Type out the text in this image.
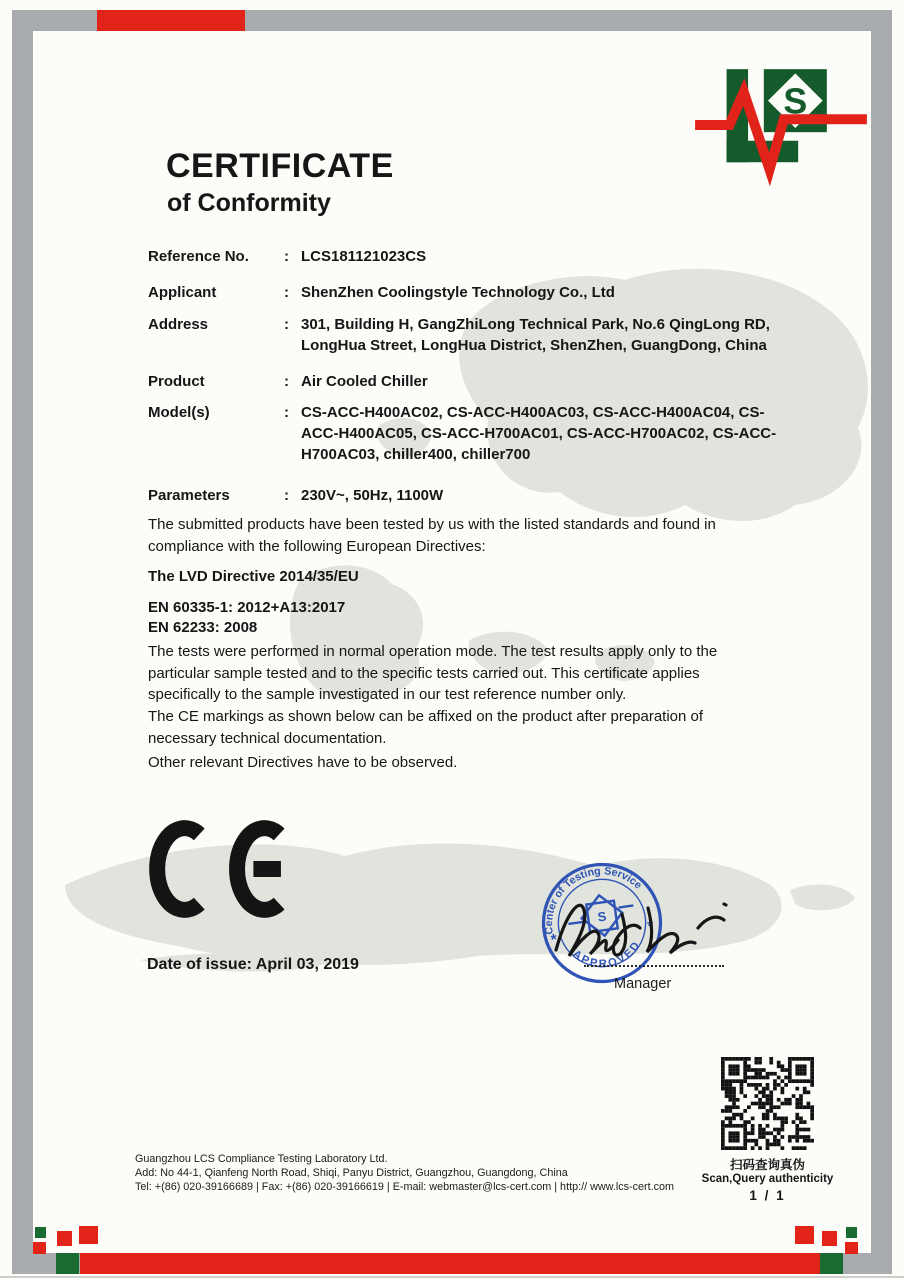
S
CERTIFICATE
of Conformity
Reference No.	: LCS181121023CS
Applicant	: ShenZhen Coolingstyle Technology Co., Ltd
Address	: 301, Building H, GangZhiLong Technical Park, No.6 QingLong RD, LongHua Street, LongHua District, ShenZhen, GuangDong, China
Product	: Air Cooled Chiller
Model(s)	: CS-ACC-H400AC02, CS-ACC-H400AC03, CS-ACC-H400AC04, CS-ACC-H400AC05, CS-ACC-H700AC01, CS-ACC-H700AC02, CS-ACC-H700AC03, chiller400, chiller700
Parameters	: 230V~, 50Hz, 1100W
The submitted products have been tested by us with the listed standards and found in compliance with the following European Directives:
The LVD Directive 2014/35/EU
EN 60335-1: 2012+A13:2017
EN 62233: 2008
The tests were performed in normal operation mode. The test results apply only to the particular sample tested and to the specific tests carried out. This certificate applies specifically to the sample investigated in our test reference number only.
The CE markings as shown below can be affixed on the product after preparation of necessary technical documentation.
Other relevant Directives have to be observed.
Date of issue: April 03, 2019
Center of Testing Service
APPROVED
*
*
S
Manager
Guangzhou LCS Compliance Testing Laboratory Ltd.
Add: No 44-1, Qianfeng North Road, Shiqi, Panyu District, Guangzhou, Guangdong, China
Tel: +(86) 020-39166689 | Fax: +(86) 020-39166619 | E-mail: webmaster@lcs-cert.com | http:// www.lcs-cert.com
扫码查询真伪
Scan,Query authenticity
1 / 1
